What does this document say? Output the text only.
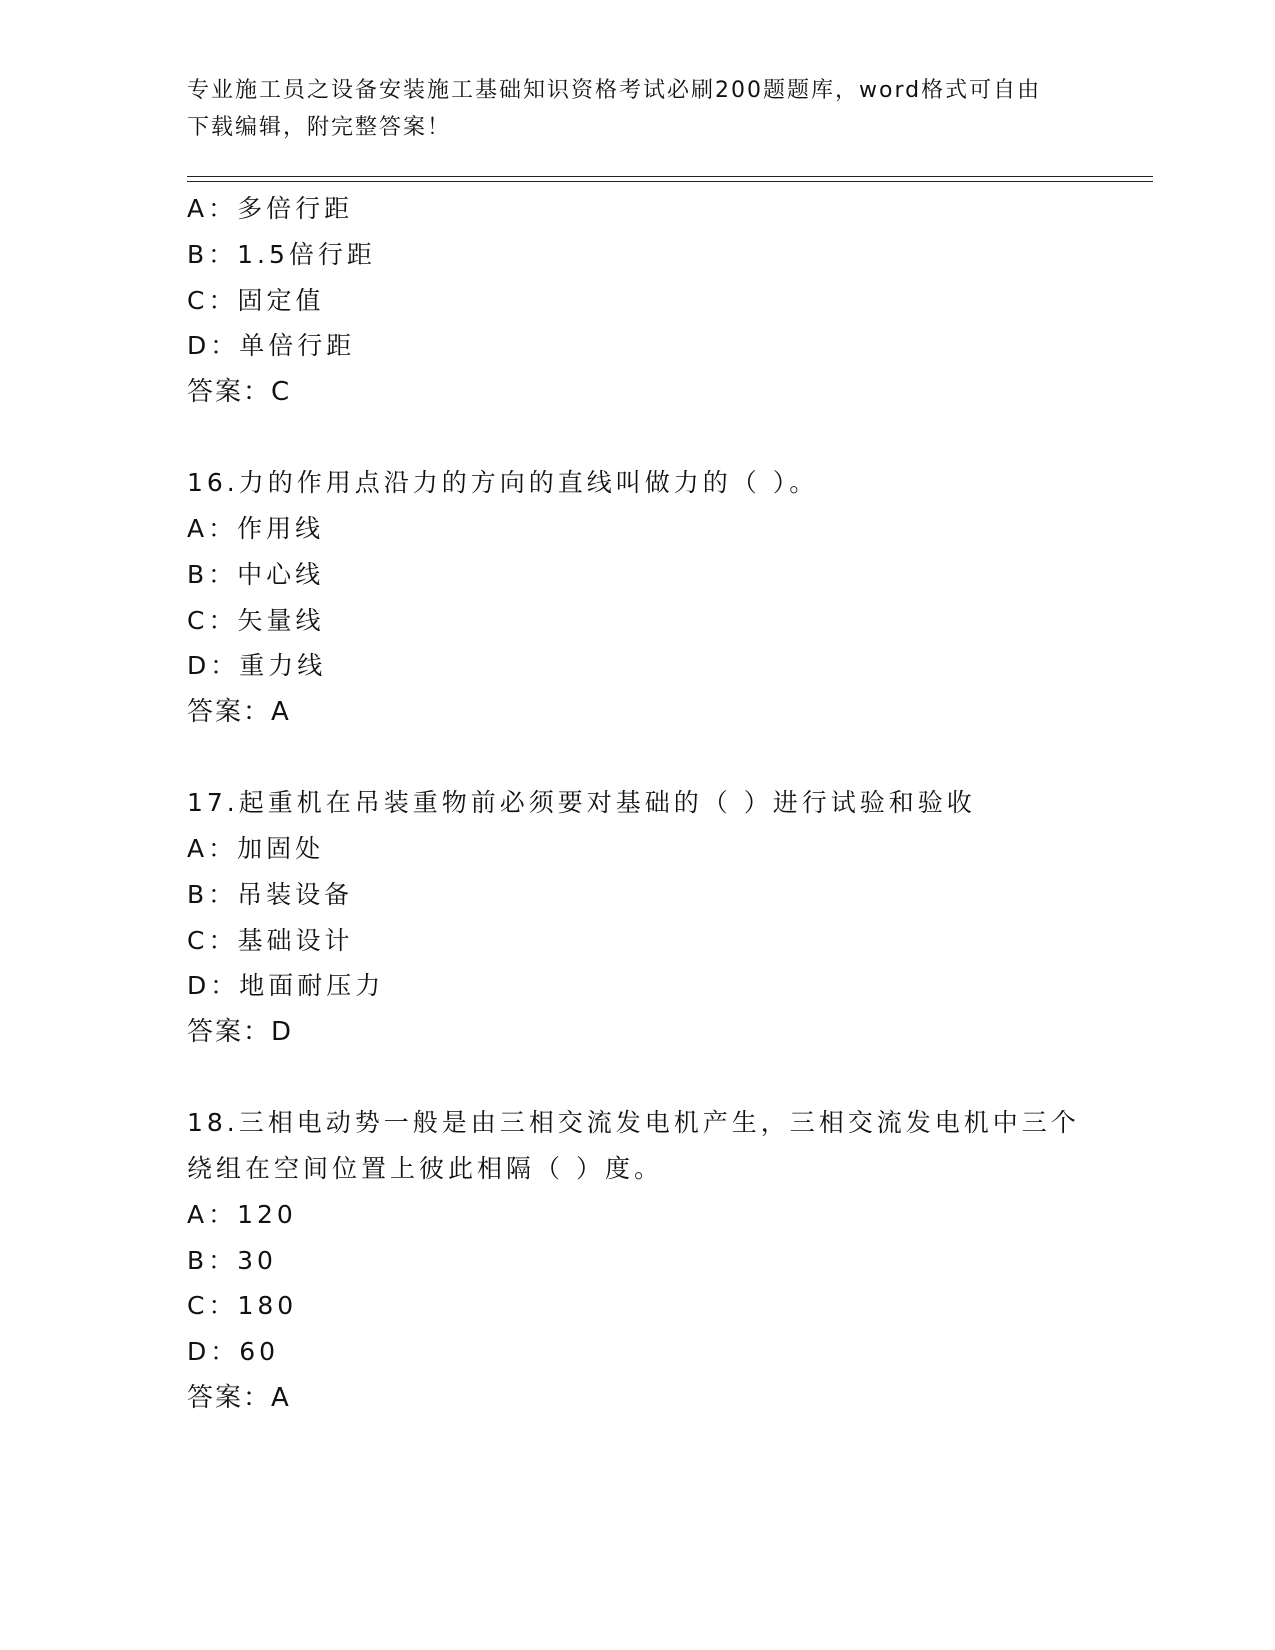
专业施工员之设备安装施工基础知识资格考试必刷200题题库，word格式可自由
下载编辑，附完整答案！
A：多倍行距
B：1.5倍行距
C：固定值
D：单倍行距
答案：C
16.力的作用点沿力的方向的直线叫做力的（ ）。
A：作用线
B：中心线
C：矢量线
D：重力线
答案：A
17.起重机在吊装重物前必须要对基础的（ ）进行试验和验收
A：加固处
B：吊装设备
C：基础设计
D：地面耐压力
答案：D
18.三相电动势一般是由三相交流发电机产生，三相交流发电机中三个
绕组在空间位置上彼此相隔（ ）度。
A：120
B：30
C：180
D：60
答案：A
